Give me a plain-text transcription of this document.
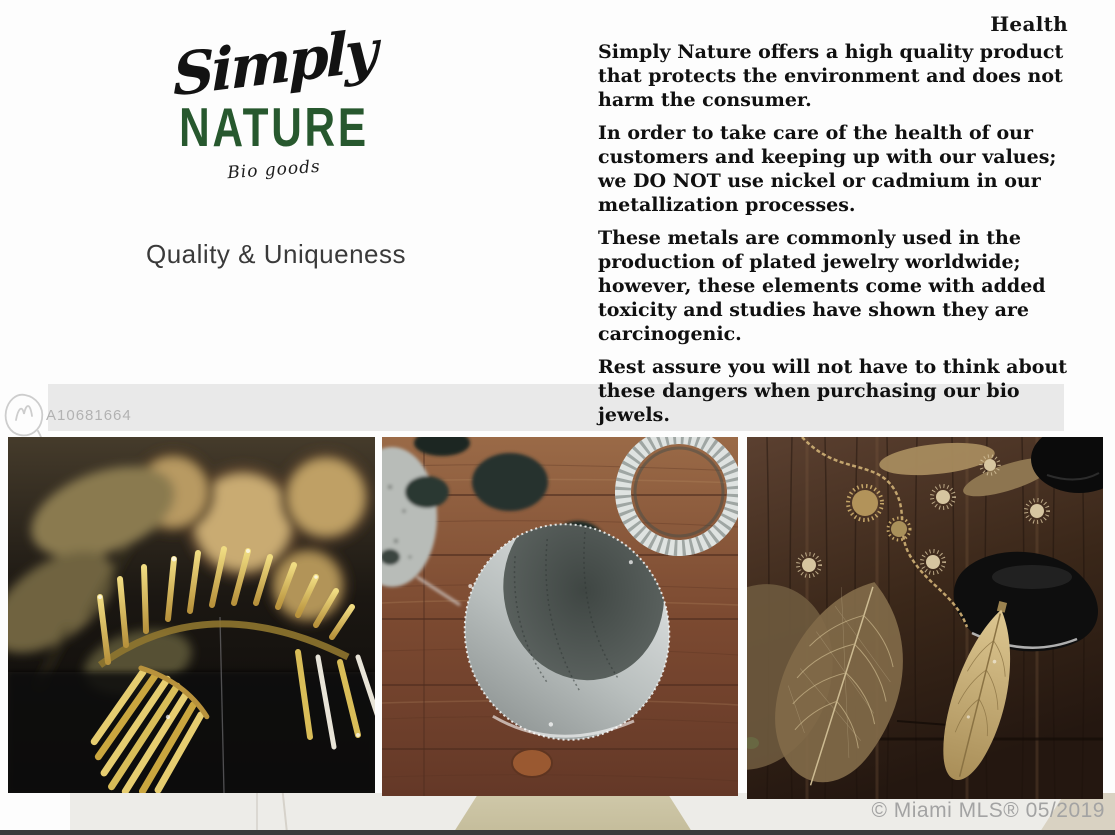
Health
Simply
NATURE
Bio goods
Quality & Uniqueness

Simply Nature offers a high quality product that protects the environment and does not harm the consumer.

In order to take care of the health of our customers and keeping up with our values; we DO NOT use nickel or cadmium in our metallization processes.

These metals are commonly used in the production of plated jewelry worldwide; however, these elements come with added toxicity and studies have shown they are carcinogenic.

Rest assure you will not have to think about these dangers when purchasing our bio jewels.

A10681664
© Miami MLS® 05/2019
